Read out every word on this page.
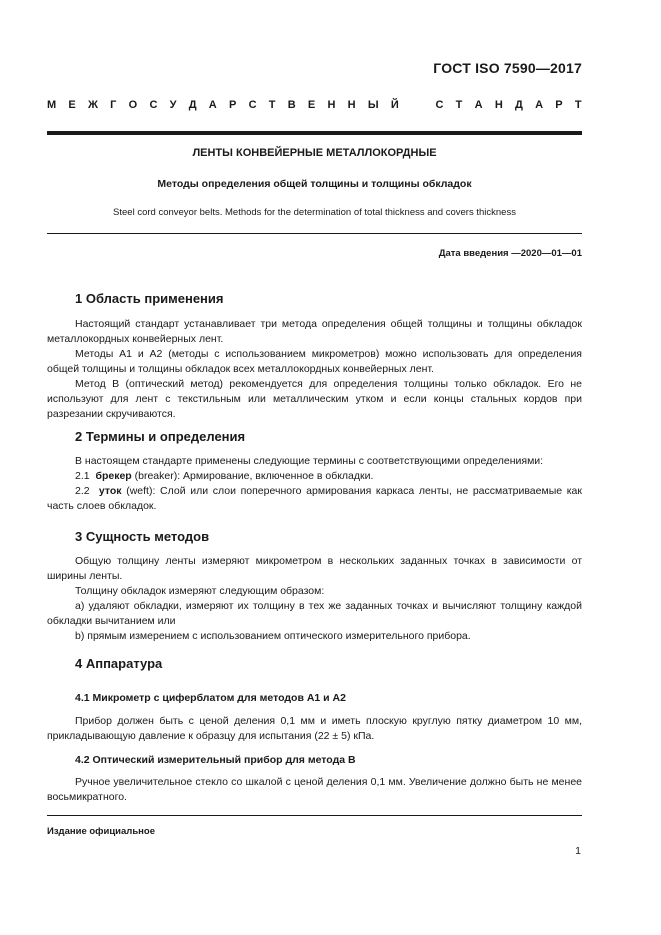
ГОСТ ISO 7590—2017
М Е Ж Г О С У Д А Р С Т В Е Н Н Ы Й	С Т А Н Д А Р Т
ЛЕНТЫ КОНВЕЙЕРНЫЕ МЕТАЛЛОКОРДНЫЕ
Методы определения общей толщины и толщины обкладок
Steel cord conveyor belts. Methods for the determination of total thickness and covers thickness
Дата введения —2020—01—01
1 Область применения

Настоящий стандарт устанавливает три метода определения общей толщины и толщины обкладок металлокордных конвейерных лент.

Методы А1 и А2 (методы с использованием микрометров) можно использовать для определения общей толщины и толщины обкладок всех металлокордных конвейерных лент.

Метод В (оптический метод) рекомендуется для определения толщины только обкладок. Его не используют для лент с текстильным или металлическим утком и если концы стальных кордов при разрезании скручиваются.

2 Термины и определения

В настоящем стандарте применены следующие термины с соответствующими определениями:

2.1 брекер (breaker): Армирование, включенное в обкладки.

2.2 уток (weft): Слой или слои поперечного армирования каркаса ленты, не рассматриваемые как часть слоев обкладок.

3 Сущность методов

Общую толщину ленты измеряют микрометром в нескольких заданных точках в зависимости от ширины ленты.

Толщину обкладок измеряют следующим образом:

а) удаляют обкладки, измеряют их толщину в тех же заданных точках и вычисляют толщину каждой обкладки вычитанием или

b) прямым измерением с использованием оптического измерительного прибора.

4 Аппаратура
4.1 Микрометр с циферблатом для методов А1 и А2

Прибор должен быть с ценой деления 0,1 мм и иметь плоскую круглую пятку диаметром 10 мм, прикладывающую давление к образцу для испытания (22 ± 5) кПа.

4.2 Оптический измерительный прибор для метода В

Ручное увеличительное стекло со шкалой с ценой деления 0,1 мм. Увеличение должно быть не менее восьмикратного.

Издание официальное
1
